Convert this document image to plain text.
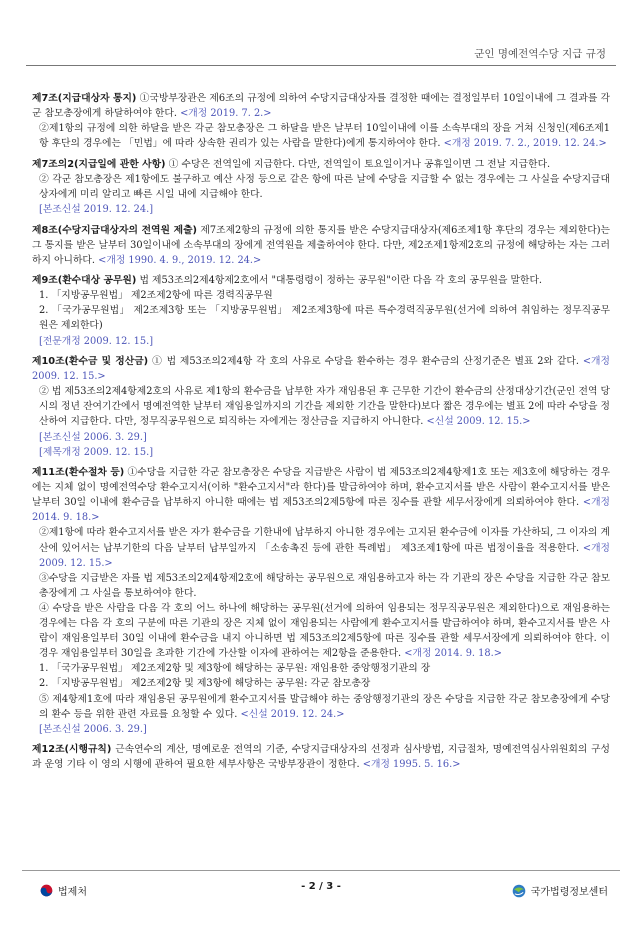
군인 명예전역수당 지급 규정

제7조(지급대상자 통지) ①국방부장관은 제6조의 규정에 의하여 수당지급대상자를 결정한 때에는 결정일부터 10일이내에 그 결과를 각군 참모총장에게 하달하여야 한다. <개정 2019. 7. 2.>

②제1항의 규정에 의한 하달을 받은 각군 참모총장은 그 하달을 받은 날부터 10일이내에 이를 소속부대의 장을 거쳐 신청인(제6조제1항 후단의 경우에는 「민법」에 따라 상속한 권리가 있는 사람을 말한다)에게 통지하여야 한다. <개정 2019. 7. 2., 2019. 12. 24.>

제7조의2(지급일에 관한 사항) ① 수당은 전역일에 지급한다. 다만, 전역일이 토요일이거나 공휴일이면 그 전날 지급한다.

② 각군 참모총장은 제1항에도 불구하고 예산 사정 등으로 같은 항에 따른 날에 수당을 지급할 수 없는 경우에는 그 사실을 수당지급대상자에게 미리 알리고 빠른 시일 내에 지급해야 한다.

[본조신설 2019. 12. 24.]

제8조(수당지급대상자의 전역원 제출) 제7조제2항의 규정에 의한 통지를 받은 수당지급대상자(제6조제1항 후단의 경우는 제외한다)는 그 통지를 받은 날부터 30일이내에 소속부대의 장에게 전역원을 제출하여야 한다. 다만, 제2조제1항제2호의 규정에 해당하는 자는 그러하지 아니하다. <개정 1990. 4. 9., 2019. 12. 24.>

제9조(환수대상 공무원) 법 제53조의2제4항제2호에서 "대통령령이 정하는 공무원"이란 다음 각 호의 공무원을 말한다.

1. 「지방공무원법」 제2조제2항에 따른 경력직공무원

2. 「국가공무원법」 제2조제3항 또는 「지방공무원법」 제2조제3항에 따른 특수경력직공무원(선거에 의하여 취임하는 정무직공무원은 제외한다)

[전문개정 2009. 12. 15.]

제10조(환수금 및 정산금) ① 법 제53조의2제4항 각 호의 사유로 수당을 환수하는 경우 환수금의 산정기준은 별표 2와 같다. <개정 2009. 12. 15.>

② 법 제53조의2제4항제2호의 사유로 제1항의 환수금을 납부한 자가 재임용된 후 근무한 기간이 환수금의 산정대상기간(군인 전역 당시의 정년 잔여기간에서 명예전역한 날부터 재임용일까지의 기간을 제외한 기간을 말한다)보다 짧은 경우에는 별표 2에 따라 수당을 정산하여 지급한다. 다만, 정무직공무원으로 퇴직하는 자에게는 정산금을 지급하지 아니한다. <신설 2009. 12. 15.>

[본조신설 2006. 3. 29.]

[제목개정 2009. 12. 15.]

제11조(환수절차 등) ①수당을 지급한 각군 참모총장은 수당을 지급받은 사람이 법 제53조의2제4항제1호 또는 제3호에 해당하는 경우에는 지체 없이 명예전역수당 환수고지서(이하 "환수고지서"라 한다)를 발급하여야 하며, 환수고지서를 받은 사람이 환수고지서를 받은 날부터 30일 이내에 환수금을 납부하지 아니한 때에는 법 제53조의2제5항에 따른 징수를 관할 세무서장에게 의뢰하여야 한다. <개정 2014. 9. 18.>

②제1항에 따라 환수고지서를 받은 자가 환수금을 기한내에 납부하지 아니한 경우에는 고지된 환수금에 이자를 가산하되, 그 이자의 계산에 있어서는 납부기한의 다음 날부터 납부일까지 「소송촉진 등에 관한 특례법」 제3조제1항에 따른 법정이율을 적용한다. <개정 2009. 12. 15.>

③수당을 지급받은 자를 법 제53조의2제4항제2호에 해당하는 공무원으로 재임용하고자 하는 각 기관의 장은 수당을 지급한 각군 참모총장에게 그 사실을 통보하여야 한다.

④ 수당을 받은 사람을 다음 각 호의 어느 하나에 해당하는 공무원(선거에 의하여 임용되는 정무직공무원은 제외한다)으로 재임용하는 경우에는 다음 각 호의 구분에 따른 기관의 장은 지체 없이 재임용되는 사람에게 환수고지서를 발급하여야 하며, 환수고지서를 받은 사람이 재임용일부터 30일 이내에 환수금을 내지 아니하면 법 제53조의2제5항에 따른 징수를 관할 세무서장에게 의뢰하여야 한다. 이 경우 재임용일부터 30일을 초과한 기간에 가산할 이자에 관하여는 제2항을 준용한다. <개정 2014. 9. 18.>

1. 「국가공무원법」 제2조제2항 및 제3항에 해당하는 공무원: 재임용한 중앙행정기관의 장

2. 「지방공무원법」 제2조제2항 및 제3항에 해당하는 공무원: 각군 참모총장

⑤ 제4항제1호에 따라 재임용된 공무원에게 환수고지서를 발급해야 하는 중앙행정기관의 장은 수당을 지급한 각군 참모총장에게 수당의 환수 등을 위한 관련 자료를 요청할 수 있다. <신설 2019. 12. 24.>

[본조신설 2006. 3. 29.]

제12조(시행규칙) 근속연수의 계산, 명예로운 전역의 기준, 수당지급대상자의 선정과 심사방법, 지급절차, 명예전역심사위원회의 구성과 운영 기타 이 영의 시행에 관하여 필요한 세부사항은 국방부장관이 정한다. <개정 1995. 5. 16.>

법제처
- 2 / 3 -
국가법령정보센터
